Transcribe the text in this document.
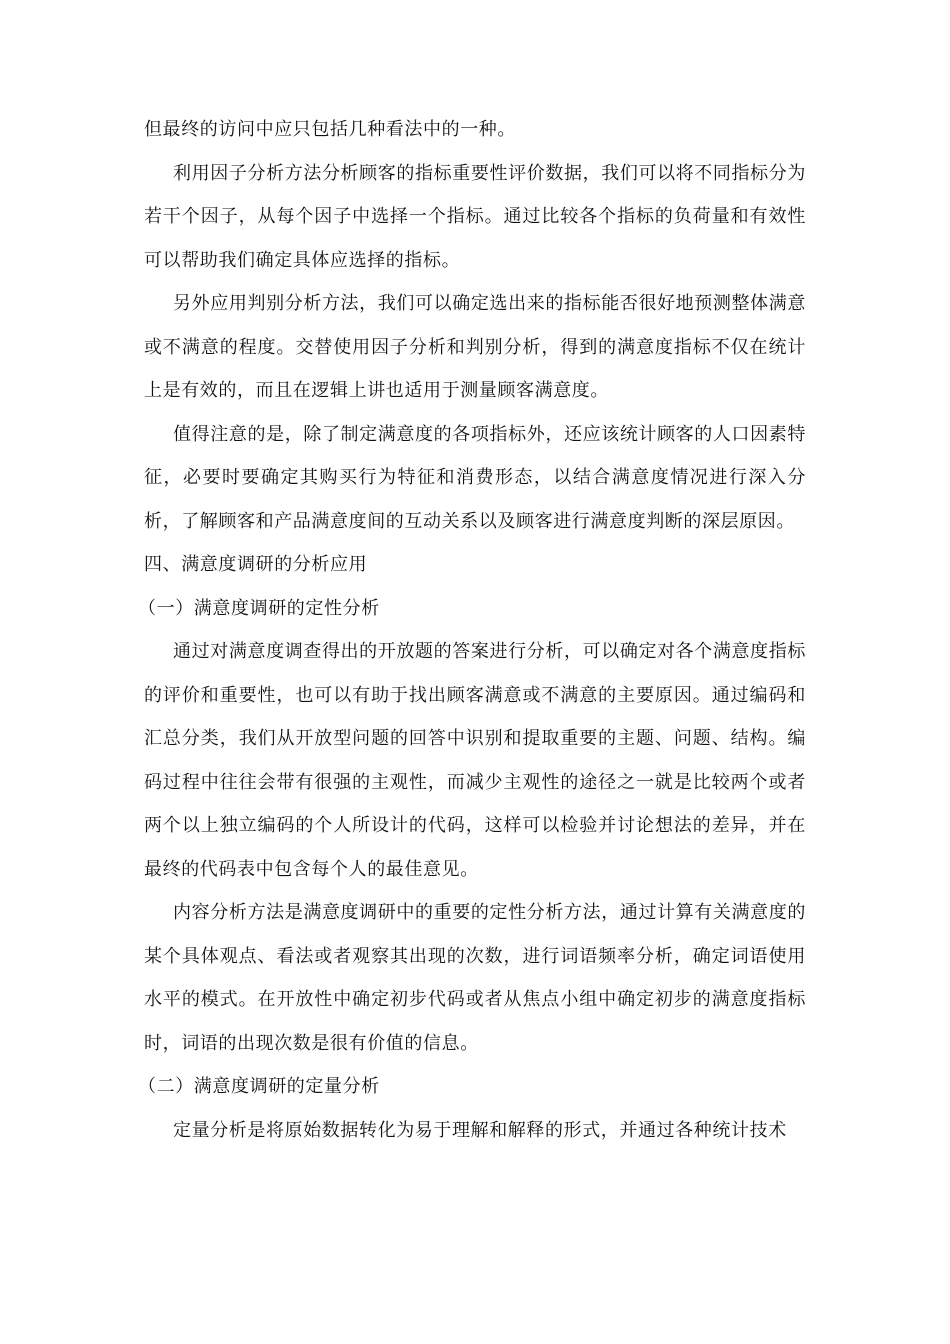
但最终的访问中应只包括几种看法中的一种。

利用因子分析方法分析顾客的指标重要性评价数据，我们可以将不同指标分为若干个因子，从每个因子中选择一个指标。通过比较各个指标的负荷量和有效性可以帮助我们确定具体应选择的指标。

另外应用判别分析方法，我们可以确定选出来的指标能否很好地预测整体满意或不满意的程度。交替使用因子分析和判别分析，得到的满意度指标不仅在统计上是有效的，而且在逻辑上讲也适用于测量顾客满意度。

值得注意的是，除了制定满意度的各项指标外，还应该统计顾客的人口因素特征，必要时要确定其购买行为特征和消费形态，以结合满意度情况进行深入分析，了解顾客和产品满意度间的互动关系以及顾客进行满意度判断的深层原因。

四、满意度调研的分析应用

（一）满意度调研的定性分析

通过对满意度调查得出的开放题的答案进行分析，可以确定对各个满意度指标的评价和重要性，也可以有助于找出顾客满意或不满意的主要原因。通过编码和汇总分类，我们从开放型问题的回答中识别和提取重要的主题、问题、结构。编码过程中往往会带有很强的主观性，而减少主观性的途径之一就是比较两个或者两个以上独立编码的个人所设计的代码，这样可以检验并讨论想法的差异，并在最终的代码表中包含每个人的最佳意见。

内容分析方法是满意度调研中的重要的定性分析方法，通过计算有关满意度的某个具体观点、看法或者观察其出现的次数，进行词语频率分析，确定词语使用水平的模式。在开放性中确定初步代码或者从焦点小组中确定初步的满意度指标时，词语的出现次数是很有价值的信息。

（二）满意度调研的定量分析

定量分析是将原始数据转化为易于理解和解释的形式，并通过各种统计技术
